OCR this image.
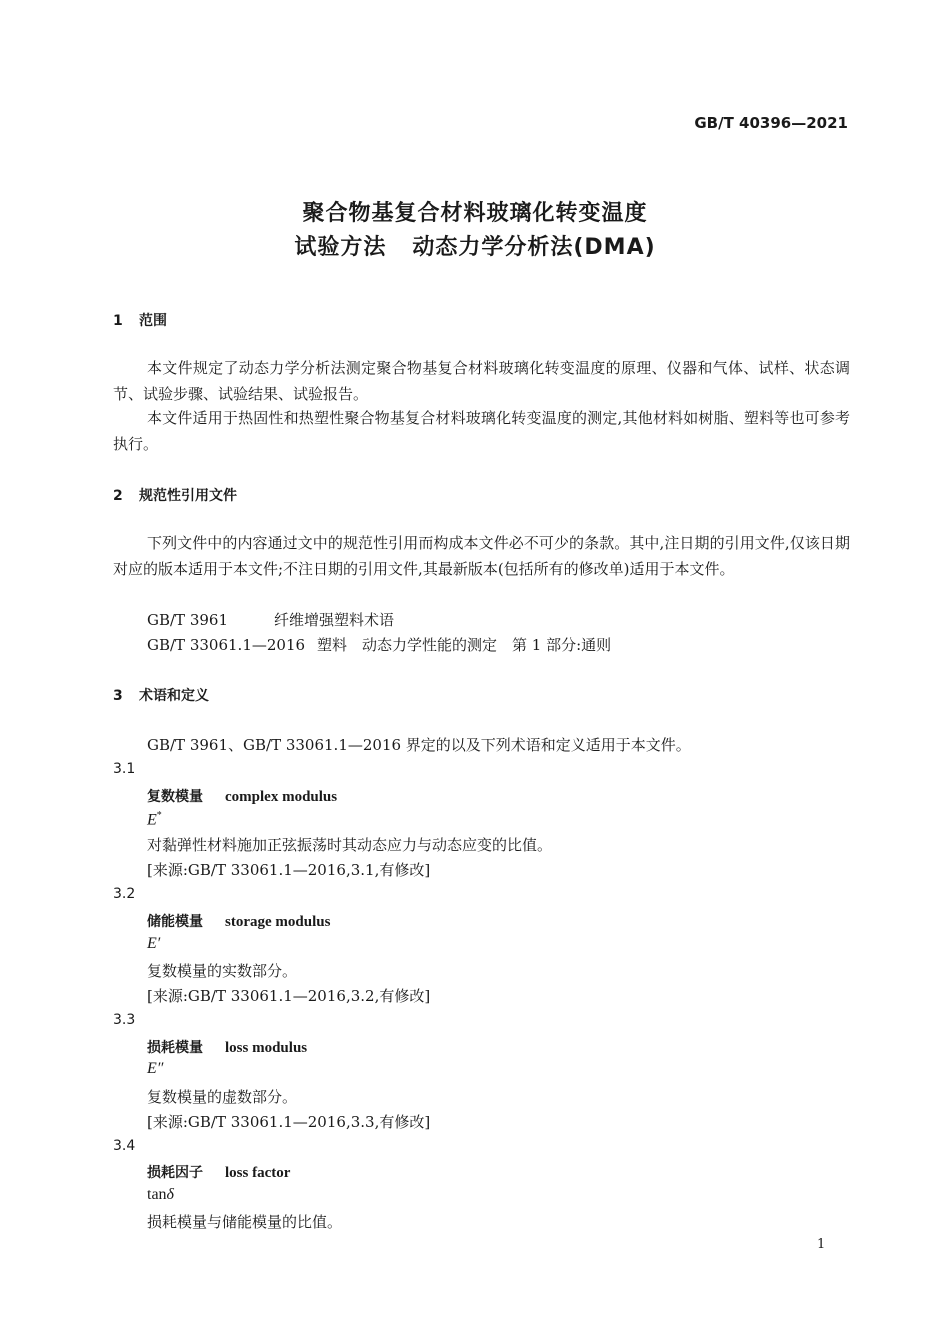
GB/T 40396—2021
聚合物基复合材料玻璃化转变温度
试验方法 动态力学分析法(DMA)
1 范围
本文件规定了动态力学分析法测定聚合物基复合材料玻璃化转变温度的原理、仪器和气体、试样、状态调节、试验步骤、试验结果、试验报告。
本文件适用于热固性和热塑性聚合物基复合材料玻璃化转变温度的测定,其他材料如树脂、塑料等也可参考执行。
2 规范性引用文件
下列文件中的内容通过文中的规范性引用而构成本文件必不可少的条款。其中,注日期的引用文件,仅该日期对应的版本适用于本文件;不注日期的引用文件,其最新版本(包括所有的修改单)适用于本文件。
GB/T 3961	纤维增强塑料术语
GB/T 33061.1—2016 塑料　动态力学性能的测定　第 1 部分:通则
3 术语和定义
GB/T 3961、GB/T 33061.1—2016 界定的以及下列术语和定义适用于本文件。
3.1
复数模量 complex modulus
E*
对黏弹性材料施加正弦振荡时其动态应力与动态应变的比值。
[来源:GB/T 33061.1—2016,3.1,有修改]
3.2
储能模量 storage modulus
E′
复数模量的实数部分。
[来源:GB/T 33061.1—2016,3.2,有修改]
3.3
损耗模量 loss modulus
E″
复数模量的虚数部分。
[来源:GB/T 33061.1—2016,3.3,有修改]
3.4
损耗因子 loss factor
tanδ
损耗模量与储能模量的比值。
1
